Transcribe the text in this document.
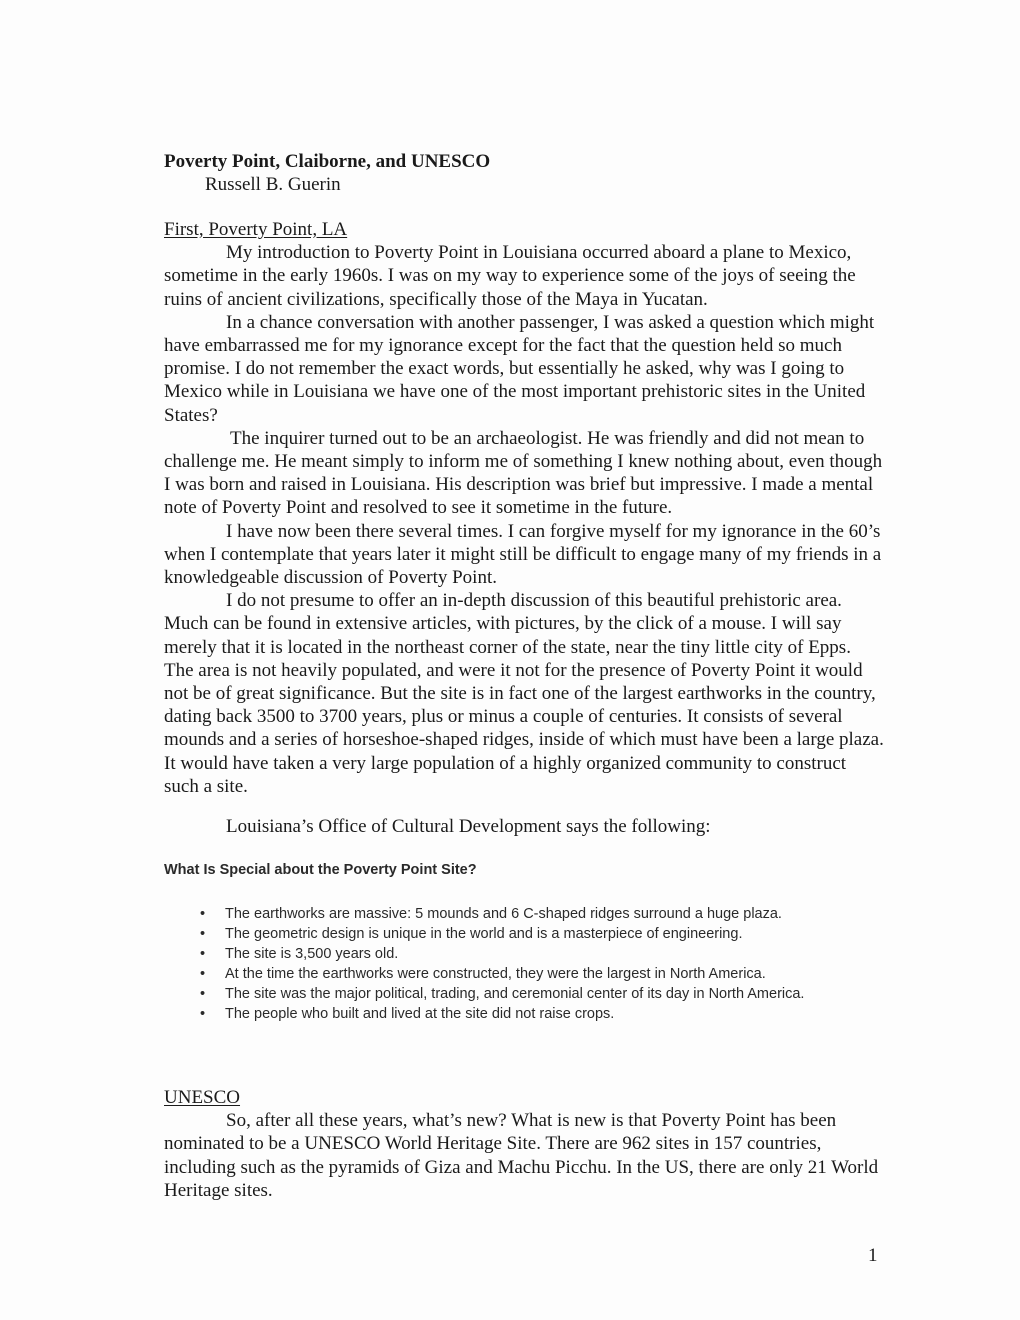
Poverty Point, Claiborne, and UNESCO
Russell B. Guerin
First, Poverty Point, LA

My introduction to Poverty Point in Louisiana occurred aboard a plane to Mexico, sometime in the early 1960s. I was on my way to experience some of the joys of seeing the ruins of ancient civilizations, specifically those of the Maya in Yucatan.

In a chance conversation with another passenger, I was asked a question which might have embarrassed me for my ignorance except for the fact that the question held so much promise. I do not remember the exact words, but essentially he asked, why was I going to Mexico while in Louisiana we have one of the most important prehistoric sites in the United States?

The inquirer turned out to be an archaeologist. He was friendly and did not mean to challenge me. He meant simply to inform me of something I knew nothing about, even though I was born and raised in Louisiana. His description was brief but impressive. I made a mental note of Poverty Point and resolved to see it sometime in the future.

I have now been there several times. I can forgive myself for my ignorance in the 60’s when I contemplate that years later it might still be difficult to engage many of my friends in a knowledgeable discussion of Poverty Point.

I do not presume to offer an in-depth discussion of this beautiful prehistoric area. Much can be found in extensive articles, with pictures, by the click of a mouse. I will say merely that it is located in the northeast corner of the state, near the tiny little city of Epps. The area is not heavily populated, and were it not for the presence of Poverty Point it would not be of great significance. But the site is in fact one of the largest earthworks in the country, dating back 3500 to 3700 years, plus or minus a couple of centuries. It consists of several mounds and a series of horseshoe-shaped ridges, inside of which must have been a large plaza. It would have taken a very large population of a highly organized community to construct such a site.

Louisiana’s Office of Cultural Development says the following:
What Is Special about the Poverty Point Site?
• The earthworks are massive: 5 mounds and 6 C-shaped ridges surround a huge plaza.
• The geometric design is unique in the world and is a masterpiece of engineering.
• The site is 3,500 years old.
• At the time the earthworks were constructed, they were the largest in North America.
• The site was the major political, trading, and ceremonial center of its day in North America.
• The people who built and lived at the site did not raise crops.
UNESCO

So, after all these years, what’s new? What is new is that Poverty Point has been nominated to be a UNESCO World Heritage Site. There are 962 sites in 157 countries, including such as the pyramids of Giza and Machu Picchu. In the US, there are only 21 World Heritage sites.

1
